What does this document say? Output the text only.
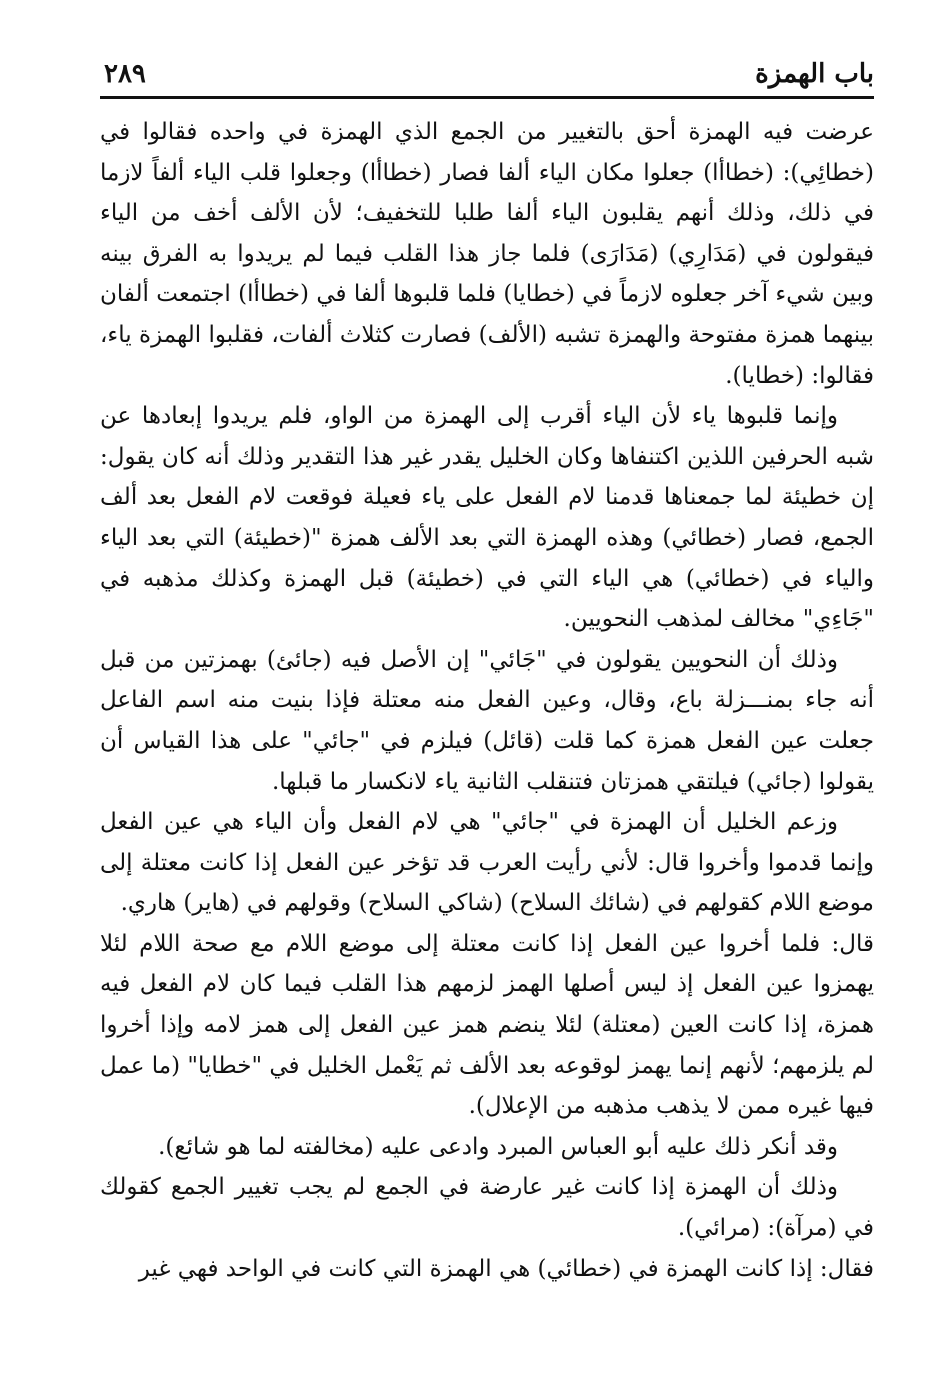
باب الهمزة
٢٨٩

عرضت فيه الهمزة أحق بالتغيير من الجمع الذي الهمزة في واحده فقالوا في (خطائِي): (خطاأا) جعلوا مكان الياء ألفا فصار (خطاأا) وجعلوا قلب الياء ألفاً لازما في ذلك، وذلك أنهم يقلبون الياء ألفا طلبا للتخفيف؛ لأن الألف أخف من الياء فيقولون في (مَدَارِي) (مَدَارَى) فلما جاز هذا القلب فيما لم يريدوا به الفرق بينه وبين شيء آخر جعلوه لازماً في (خطايا) فلما قلبوها ألفا في (خطاأا) اجتمعت ألفان بينهما همزة مفتوحة والهمزة تشبه (الألف) فصارت كثلاث ألفات، فقلبوا الهمزة ياء، فقالوا: (خطايا).

وإنما قلبوها ياء لأن الياء أقرب إلى الهمزة من الواو، فلم يريدوا إبعادها عن شبه الحرفين اللذين اكتنفاها وكان الخليل يقدر غير هذا التقدير وذلك أنه كان يقول: إن خطيئة لما جمعناها قدمنا لام الفعل على ياء فعيلة فوقعت لام الفعل بعد ألف الجمع، فصار (خطائي) وهذه الهمزة التي بعد الألف همزة "(خطيئة) التي بعد الياء والياء في (خطائي) هي الياء التي في (خطيئة) قبل الهمزة وكذلك مذهبه في "جَاءِي" مخالف لمذهب النحويين.

وذلك أن النحويين يقولون في "جَائي" إن الأصل فيه (جائئ) بهمزتين من قبل أنه جاء بمنـــزلة باع، وقال، وعين الفعل منه معتلة فإذا بنيت منه اسم الفاعل جعلت عين الفعل همزة كما قلت (قائل) فيلزم في "جائي" على هذا القياس أن يقولوا (جائي) فيلتقي همزتان فتنقلب الثانية ياء لانكسار ما قبلها.

وزعم الخليل أن الهمزة في "جائي" هي لام الفعل وأن الياء هي عين الفعل وإنما قدموا وأخروا قال: لأني رأيت العرب قد تؤخر عين الفعل إذا كانت معتلة إلى موضع اللام كقولهم في (شائك السلاح) (شاكي السلاح) وقولهم في (هاير) هاري.

قال: فلما أخروا عين الفعل إذا كانت معتلة إلى موضع اللام مع صحة اللام لئلا يهمزوا عين الفعل إذ ليس أصلها الهمز لزمهم هذا القلب فيما كان لام الفعل فيه همزة، إذا كانت العين (معتلة) لئلا ينضم همز عين الفعل إلى همز لامه وإذا أخروا لم يلزمهم؛ لأنهم إنما يهمز لوقوعه بعد الألف ثم يَعْمل الخليل في "خطايا" (ما عمل فيها غيره ممن لا يذهب مذهبه من الإعلال).

وقد أنكر ذلك عليه أبو العباس المبرد وادعى عليه (مخالفته لما هو شائع).

وذلك أن الهمزة إذا كانت غير عارضة في الجمع لم يجب تغيير الجمع كقولك في (مرآة): (مرائي).

فقال: إذا كانت الهمزة في (خطائي) هي الهمزة التي كانت في الواحد فهي غير
